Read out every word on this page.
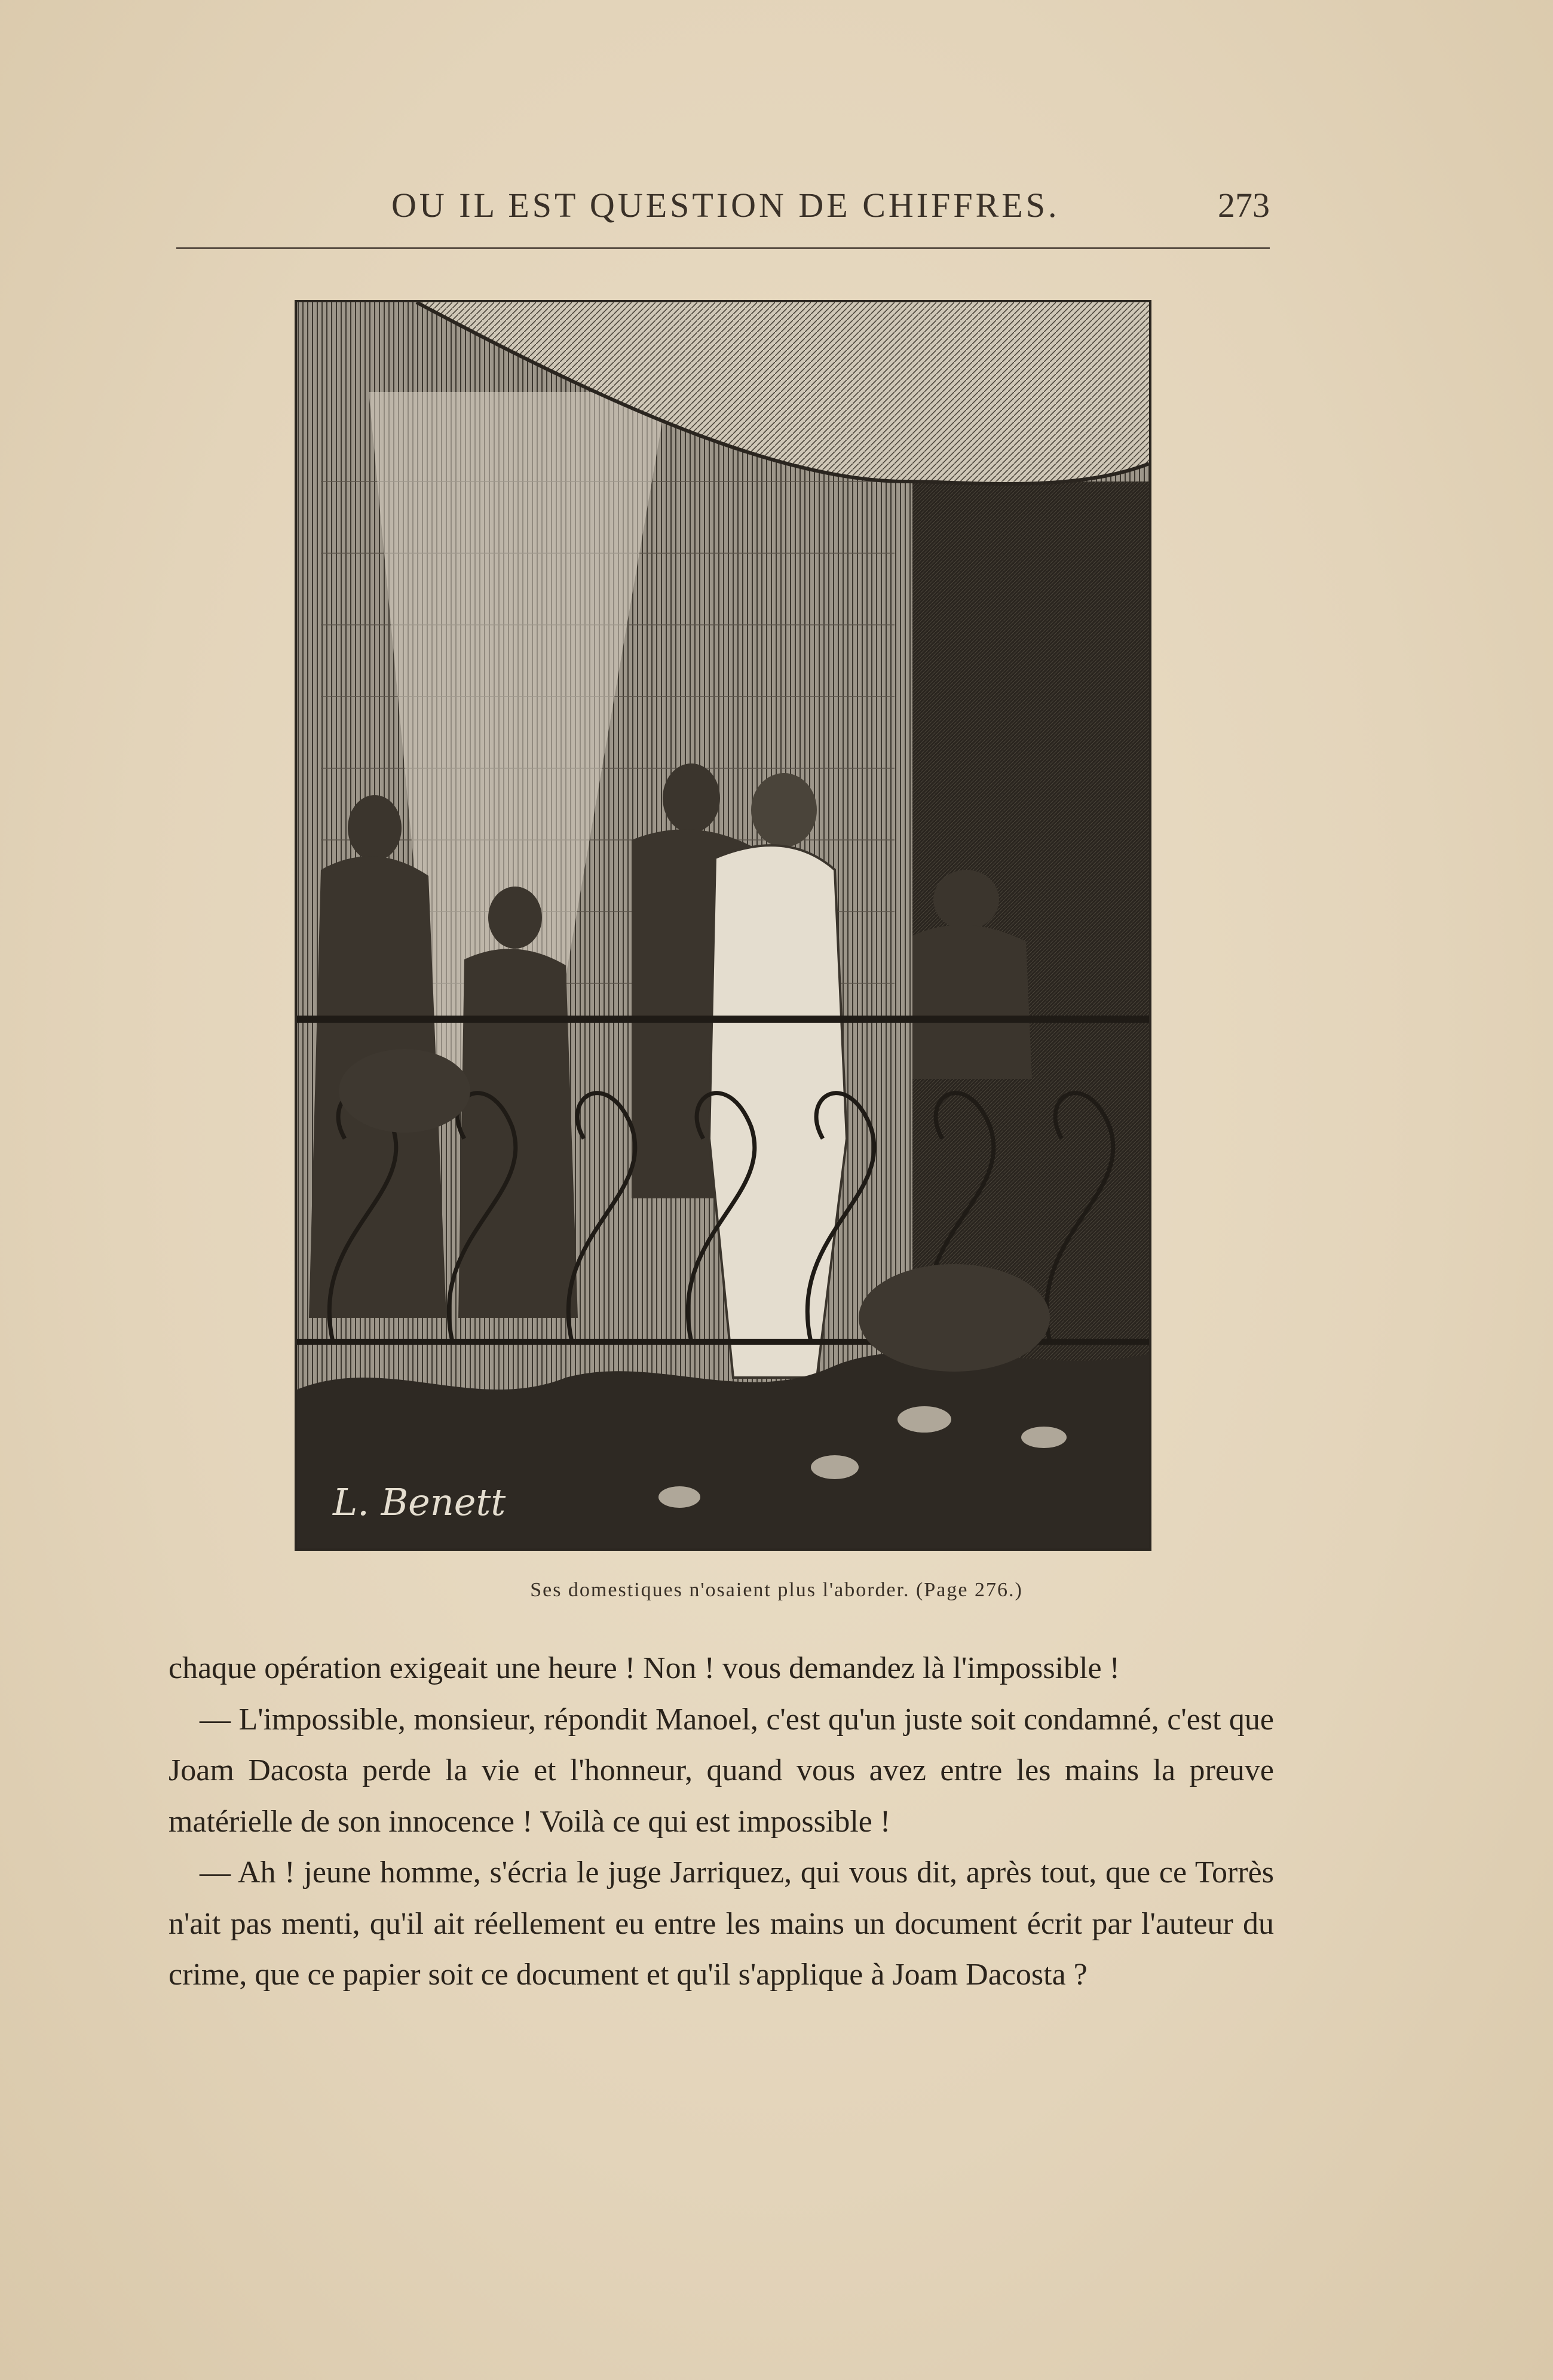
OU IL EST QUESTION DE CHIFFRES.	273
L. Benett
Ses domestiques n'osaient plus l'aborder. (Page 276.)

chaque opération exigeait une heure ! Non ! vous demandez là l'impossible !

— L'impossible, monsieur, répondit Manoel, c'est qu'un juste soit condamné, c'est que Joam Dacosta perde la vie et l'honneur, quand vous avez entre les mains la preuve matérielle de son innocence ! Voilà ce qui est impossible !

— Ah ! jeune homme, s'écria le juge Jarriquez, qui vous dit, après tout, que ce Torrès n'ait pas menti, qu'il ait réellement eu entre les mains un document écrit par l'auteur du crime, que ce papier soit ce document et qu'il s'applique à Joam Dacosta ?
